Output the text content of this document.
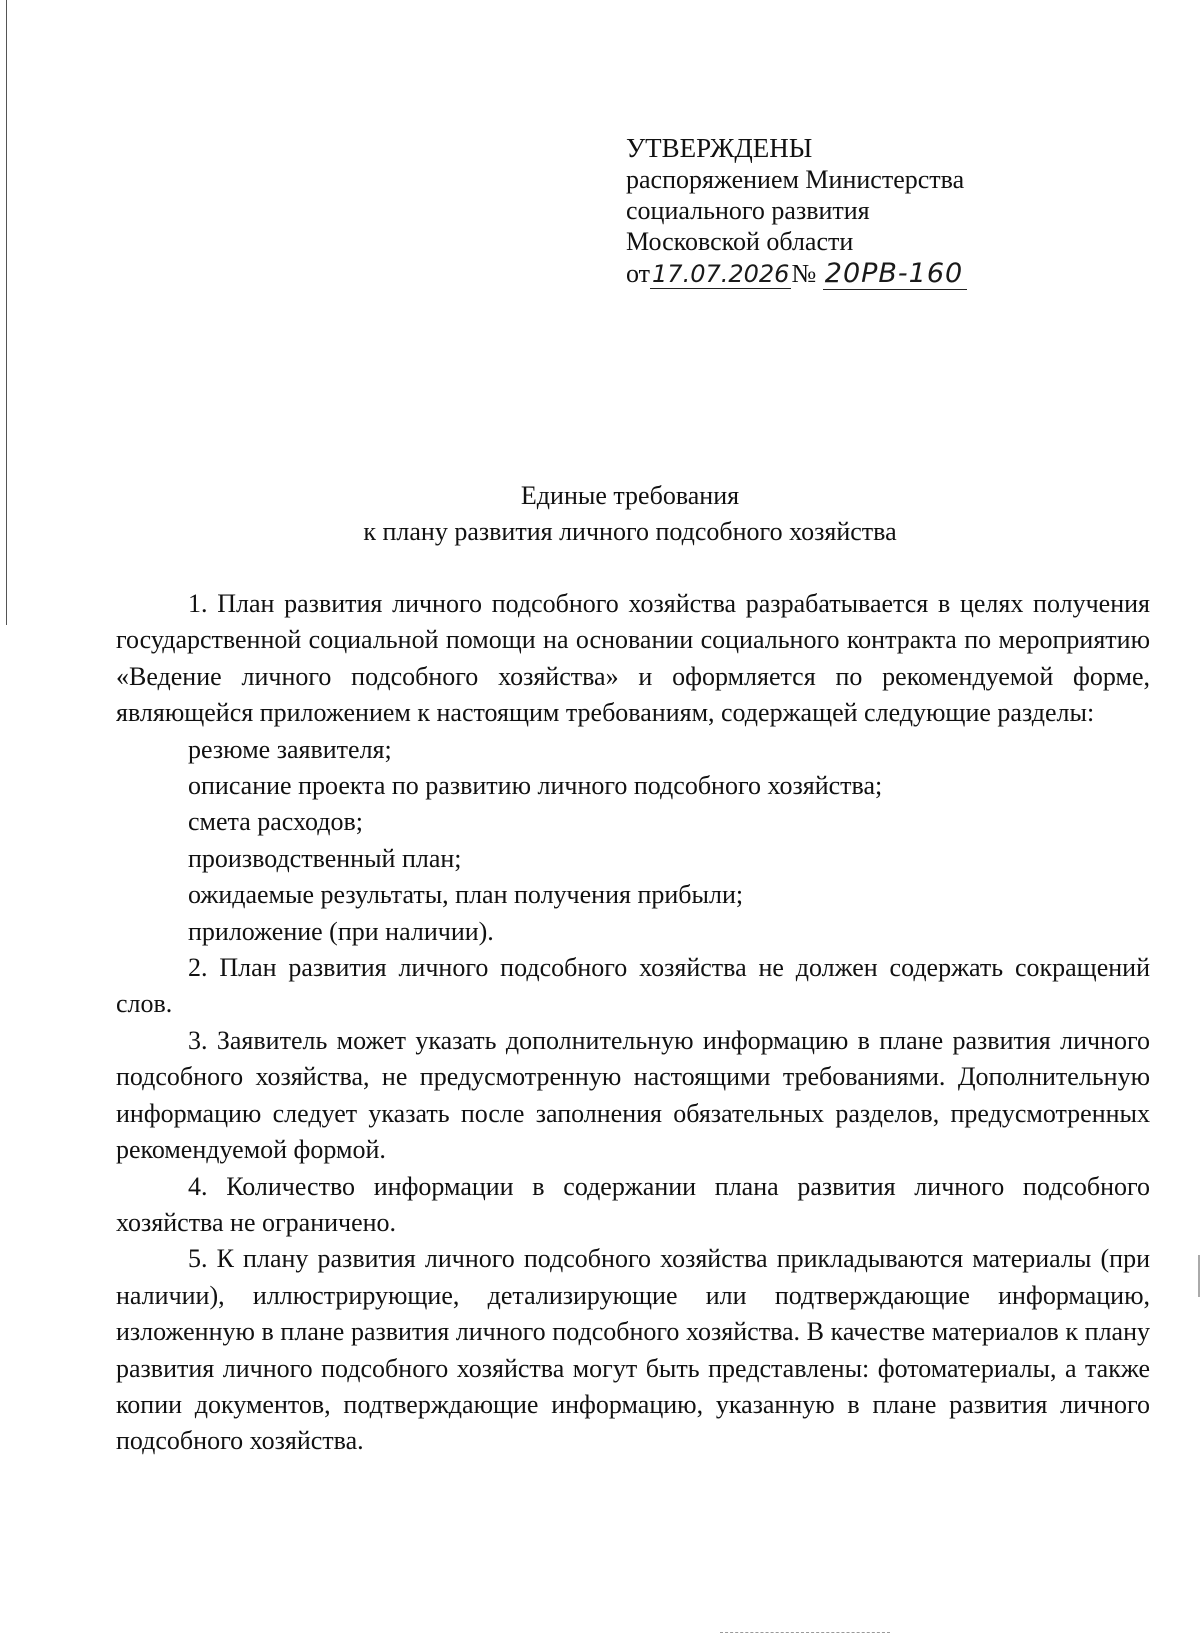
УТВЕРЖДЕНЫ
распоряжением Министерства
социального развития
Московской области
от17.07.2026№ 20РВ-160
Единые требования
к плану развития личного подсобного хозяйства

1. План развития личного подсобного хозяйства разрабатывается в целях получения государственной социальной помощи на основании социального контракта по мероприятию «Ведение личного подсобного хозяйства» и оформляется по рекомендуемой форме, являющейся приложением к настоящим требованиям, содержащей следующие разделы:

резюме заявителя;

описание проекта по развитию личного подсобного хозяйства;

смета расходов;

производственный план;

ожидаемые результаты, план получения прибыли;

приложение (при наличии).

2. План развития личного подсобного хозяйства не должен содержать сокращений слов.

3. Заявитель может указать дополнительную информацию в плане развития личного подсобного хозяйства, не предусмотренную настоящими требованиями. Дополнительную информацию следует указать после заполнения обязательных разделов, предусмотренных рекомендуемой формой.

4. Количество информации в содержании плана развития личного подсобного хозяйства не ограничено.

5. К плану развития личного подсобного хозяйства прикладываются материалы (при наличии), иллюстрирующие, детализирующие или подтверждающие информацию, изложенную в плане развития личного подсобного хозяйства. В качестве материалов к плану развития личного подсобного хозяйства могут быть представлены: фотоматериалы, а также копии документов, подтверждающие информацию, указанную в плане развития личного подсобного хозяйства.
